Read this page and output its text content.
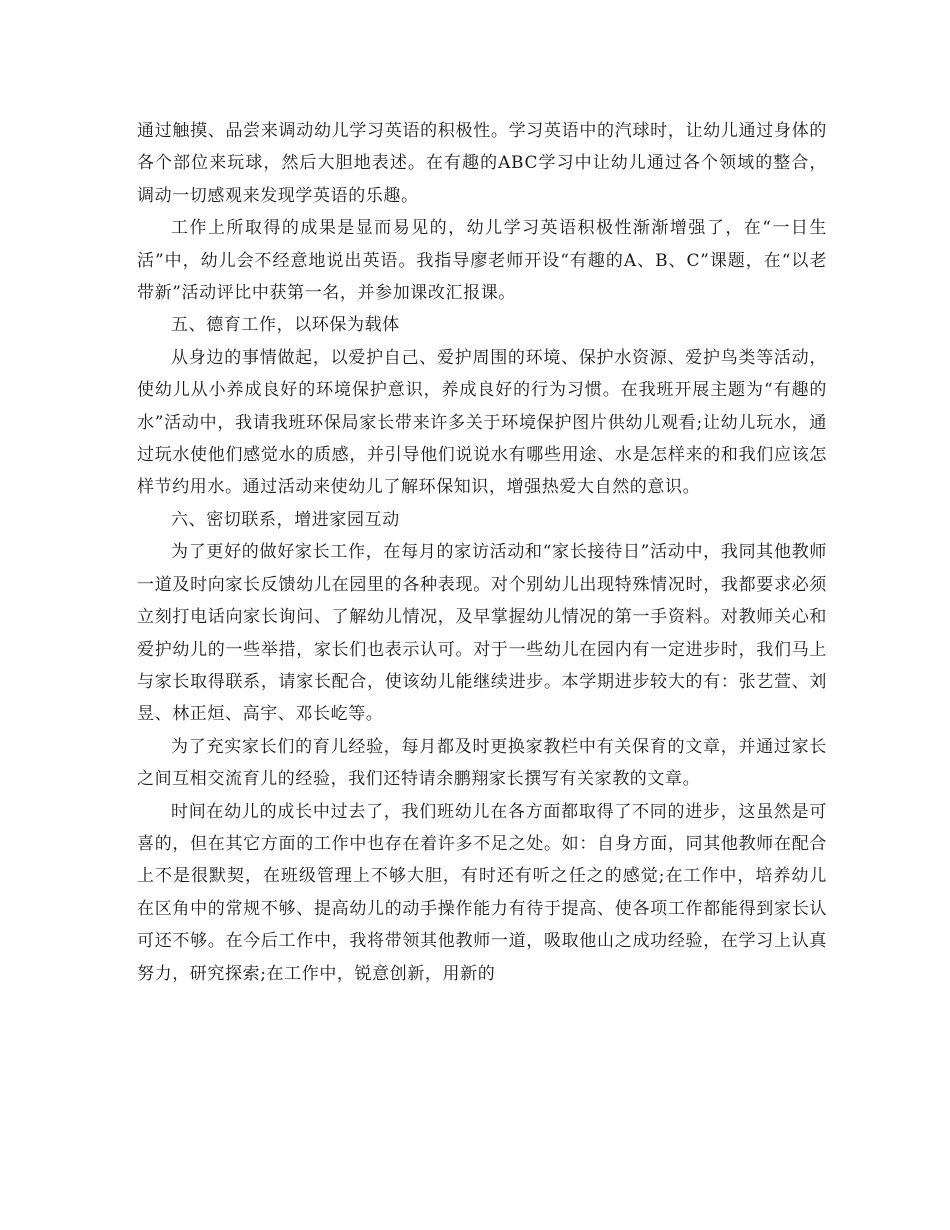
通过触摸、品尝来调动幼儿学习英语的积极性。学习英语中的汽球时，让幼儿通过身体的各个部位来玩球，然后大胆地表述。在有趣的ABC学习中让幼儿通过各个领域的整合，调动一切感观来发现学英语的乐趣。

工作上所取得的成果是显而易见的，幼儿学习英语积极性渐渐增强了，在“一日生活”中，幼儿会不经意地说出英语。我指导廖老师开设“有趣的A、B、C”课题，在“以老带新”活动评比中获第一名，并参加课改汇报课。

五、德育工作，以环保为载体

从身边的事情做起，以爱护自己、爱护周围的环境、保护水资源、爱护鸟类等活动，使幼儿从小养成良好的环境保护意识，养成良好的行为习惯。在我班开展主题为“有趣的水”活动中，我请我班环保局家长带来许多关于环境保护图片供幼儿观看;让幼儿玩水，通过玩水使他们感觉水的质感，并引导他们说说水有哪些用途、水是怎样来的和我们应该怎样节约用水。通过活动来使幼儿了解环保知识，增强热爱大自然的意识。

六、密切联系，增进家园互动

为了更好的做好家长工作，在每月的家访活动和“家长接待日”活动中，我同其他教师一道及时向家长反馈幼儿在园里的各种表现。对个别幼儿出现特殊情况时，我都要求必须立刻打电话向家长询问、了解幼儿情况，及早掌握幼儿情况的第一手资料。对教师关心和爱护幼儿的一些举措，家长们也表示认可。对于一些幼儿在园内有一定进步时，我们马上与家长取得联系，请家长配合，使该幼儿能继续进步。本学期进步较大的有：张艺萱、刘昱、林正烜、高宇、邓长屹等。

为了充实家长们的育儿经验，每月都及时更换家教栏中有关保育的文章，并通过家长之间互相交流育儿的经验，我们还特请余鹏翔家长撰写有关家教的文章。

时间在幼儿的成长中过去了，我们班幼儿在各方面都取得了不同的进步，这虽然是可喜的，但在其它方面的工作中也存在着许多不足之处。如：自身方面，同其他教师在配合上不是很默契，在班级管理上不够大胆，有时还有听之任之的感觉;在工作中，培养幼儿在区角中的常规不够、提高幼儿的动手操作能力有待于提高、使各项工作都能得到家长认可还不够。在今后工作中，我将带领其他教师一道，吸取他山之成功经验，在学习上认真努力，研究探索;在工作中，锐意创新，用新的
